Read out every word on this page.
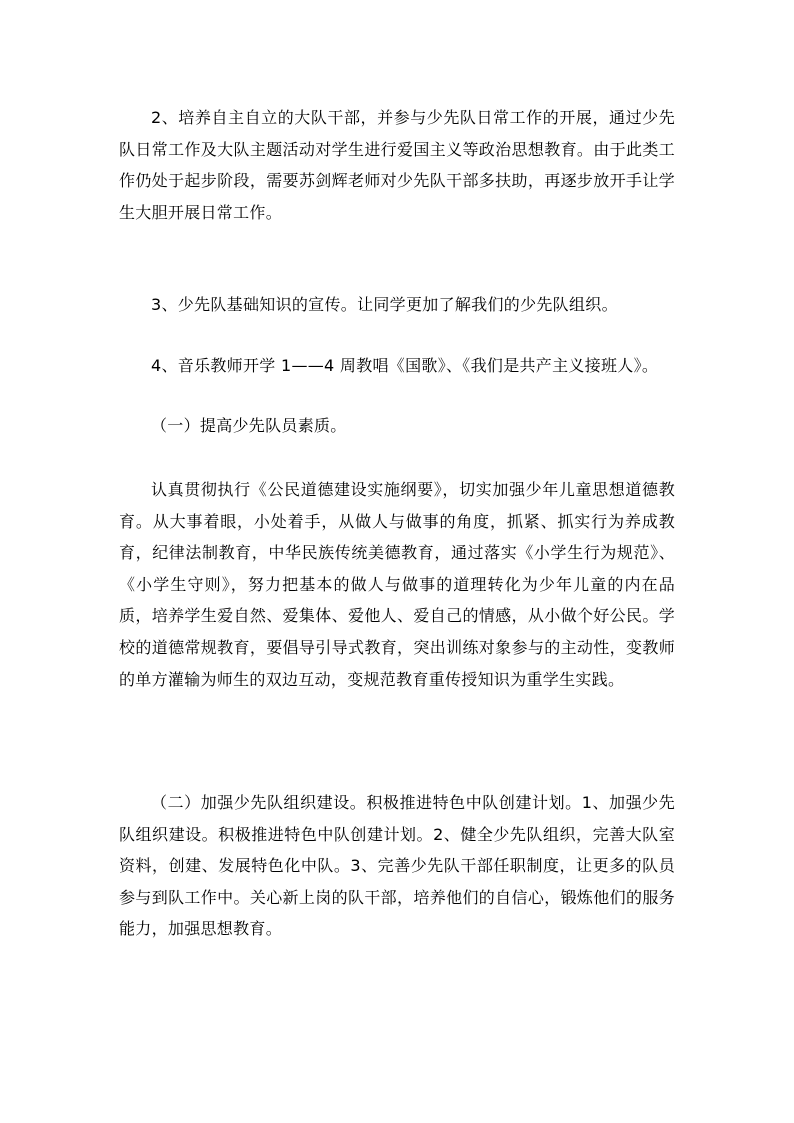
2、培养自主自立的大队干部，并参与少先队日常工作的开展，通过少先队日常工作及大队主题活动对学生进行爱国主义等政治思想教育。由于此类工作仍处于起步阶段，需要苏剑辉老师对少先队干部多扶助，再逐步放开手让学生大胆开展日常工作。

3、少先队基础知识的宣传。让同学更加了解我们的少先队组织。

4、音乐教师开学 1——4 周教唱《国歌》、《我们是共产主义接班人》。

（一）提高少先队员素质。

认真贯彻执行《公民道德建设实施纲要》，切实加强少年儿童思想道德教育。从大事着眼，小处着手，从做人与做事的角度，抓紧、抓实行为养成教育，纪律法制教育，中华民族传统美德教育，通过落实《小学生行为规范》、《小学生守则》，努力把基本的做人与做事的道理转化为少年儿童的内在品质，培养学生爱自然、爱集体、爱他人、爱自己的情感，从小做个好公民。学校的道德常规教育，要倡导引导式教育，突出训练对象参与的主动性，变教师的单方灌输为师生的双边互动，变规范教育重传授知识为重学生实践。

（二）加强少先队组织建设。积极推进特色中队创建计划。1、加强少先队组织建设。积极推进特色中队创建计划。2、健全少先队组织，完善大队室资料，创建、发展特色化中队。3、完善少先队干部任职制度，让更多的队员参与到队工作中。关心新上岗的队干部，培养他们的自信心，锻炼他们的服务能力，加强思想教育。
